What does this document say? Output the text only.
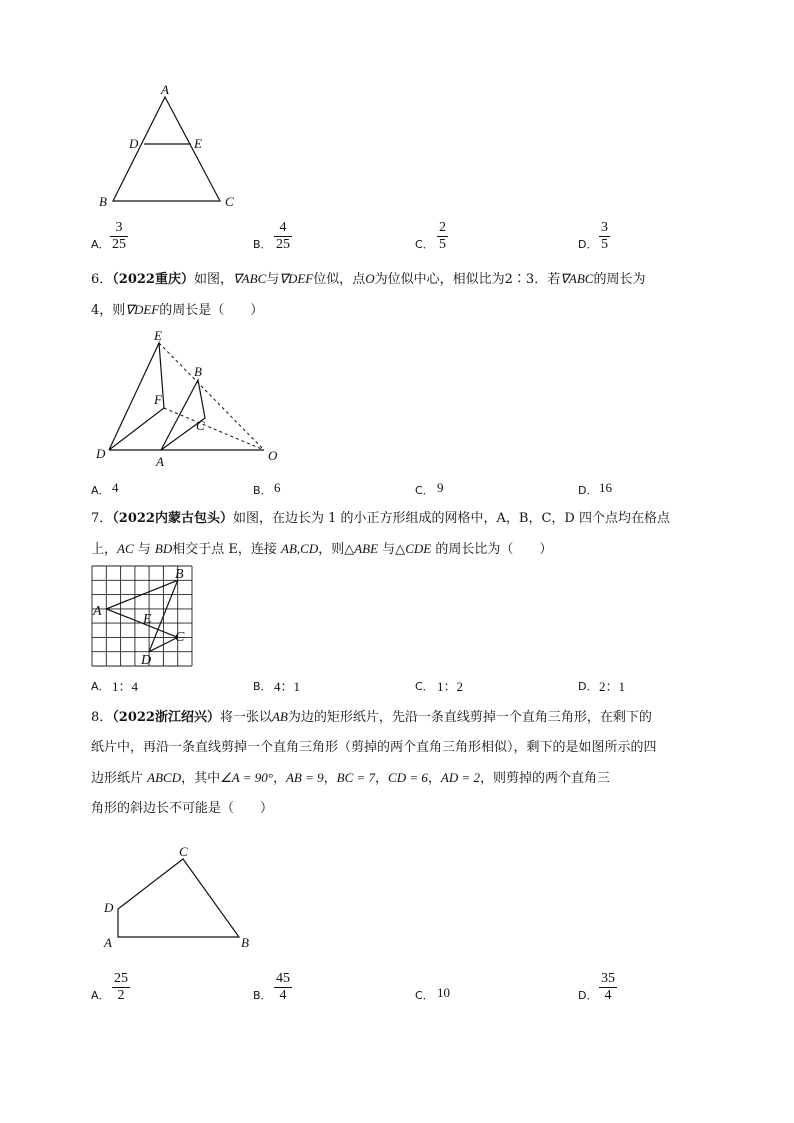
A
D	E
B	C
A．
3
25	B．
4
25	C．
2
5	D．
3
5
6．（2022重庆）如图，∇ABC与∇DEF位似，点O为位似中心，相似比为2∶3．若∇ABC的周长为
4，则∇DEF的周长是（　　）
E
B
F
C
D
A	O
A． 4	B． 6	C． 9	D． 16
7．（2022内蒙古包头）如图，在边长为 1 的小正方形组成的网格中，A，B，C，D 四个点均在格点
上，AC 与 BD相交于点 E，连接 AB,CD，则△ABE 与△CDE 的周长比为（　　）
B
A
E
C
D
A． 1：4	B． 4：1	C． 1：2	D． 2：1
8．（2022浙江绍兴）将一张以AB为边的矩形纸片，先沿一条直线剪掉一个直角三角形，在剩下的
纸片中，再沿一条直线剪掉一个直角三角形（剪掉的两个直角三角形相似），剩下的是如图所示的四
边形纸片 ABCD，其中∠A = 90°，AB = 9，BC = 7，CD = 6，AD = 2，则剪掉的两个直角三
角形的斜边长不可能是（　　）
C
D
A	B
A．
25
2	B．
45
4	C． 10	D．
35
4
